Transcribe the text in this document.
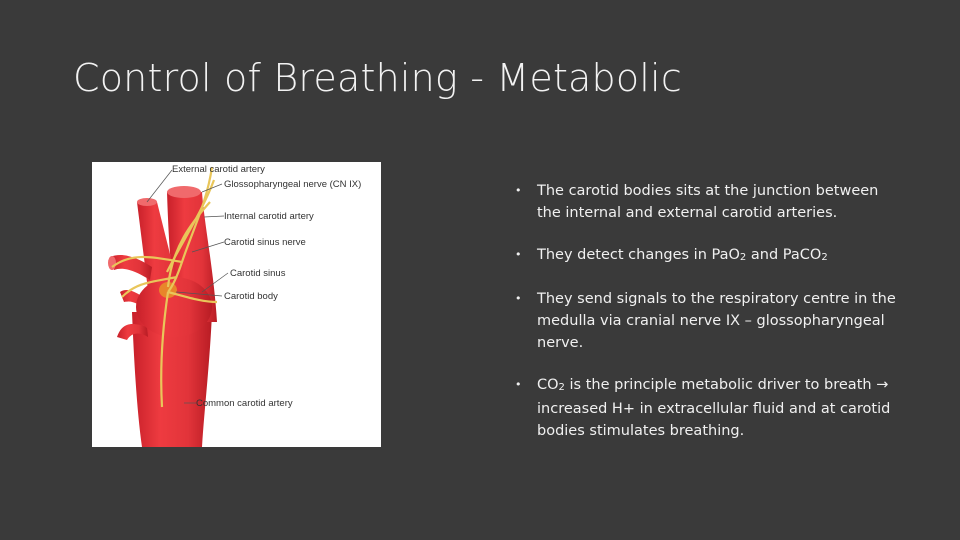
Control of Breathing - Metabolic
External carotid artery
Glossopharyngeal nerve (CN IX)
Internal carotid artery
Carotid sinus nerve
Carotid sinus
Carotid body
Common carotid artery
• The carotid bodies sits at the junction between the internal and external carotid arteries.
• They detect changes in PaO2 and PaCO2
• They send signals to the respiratory centre in the medulla via cranial nerve IX – glossopharyngeal nerve.
• CO2 is the principle metabolic driver to breath → increased H+ in extracellular fluid and at carotid bodies stimulates breathing.
